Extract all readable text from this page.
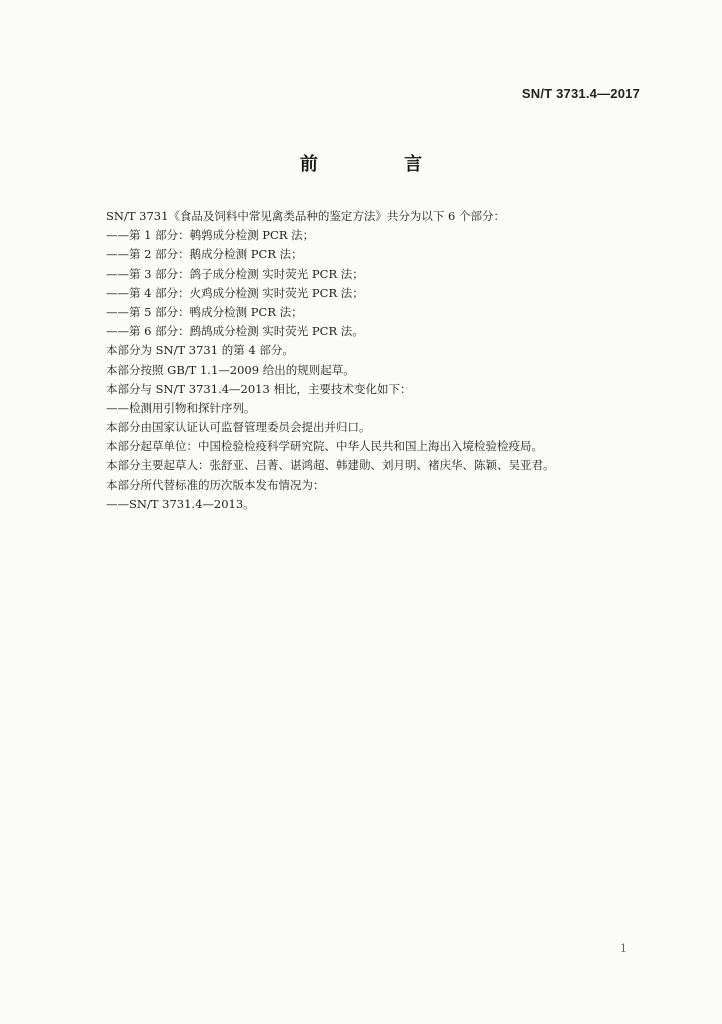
SN/T 3731.4—2017
前 言
SN/T 3731《食品及饲料中常见禽类品种的鉴定方法》共分为以下 6 个部分：
——第 1 部分：鹌鹑成分检测 PCR 法；
——第 2 部分：鹅成分检测 PCR 法；
——第 3 部分：鸽子成分检测 实时荧光 PCR 法；
——第 4 部分：火鸡成分检测 实时荧光 PCR 法；
——第 5 部分：鸭成分检测 PCR 法；
——第 6 部分：鹧鸪成分检测 实时荧光 PCR 法。
本部分为 SN/T 3731 的第 4 部分。
本部分按照 GB/T 1.1—2009 给出的规则起草。
本部分与 SN/T 3731.4—2013 相比，主要技术变化如下：
——检测用引物和探针序列。
本部分由国家认证认可监督管理委员会提出并归口。
本部分起草单位：中国检验检疫科学研究院、中华人民共和国上海出入境检验检疫局。
本部分主要起草人：张舒亚、吕菁、谌鸿超、韩建勋、刘月明、褚庆华、陈颖、吴亚君。
本部分所代替标准的历次版本发布情况为：
——SN/T 3731.4—2013。
1
